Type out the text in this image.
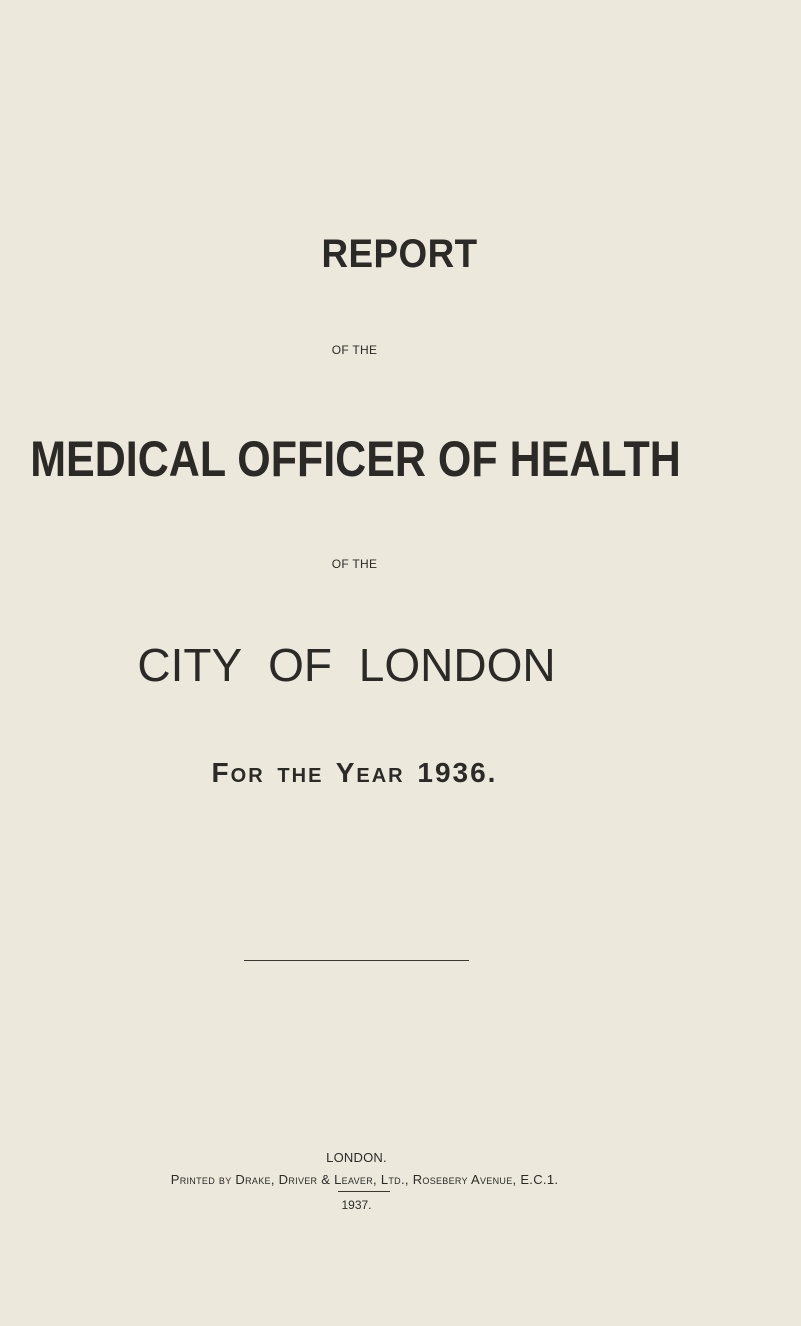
REPORT
OF THE
MEDICAL OFFICER OF HEALTH
OF THE
CITY OF LONDON
For the Year 1936.
LONDON.
Printed by Drake, Driver & Leaver, Ltd., Rosebery Avenue, E.C.1.
1937.
